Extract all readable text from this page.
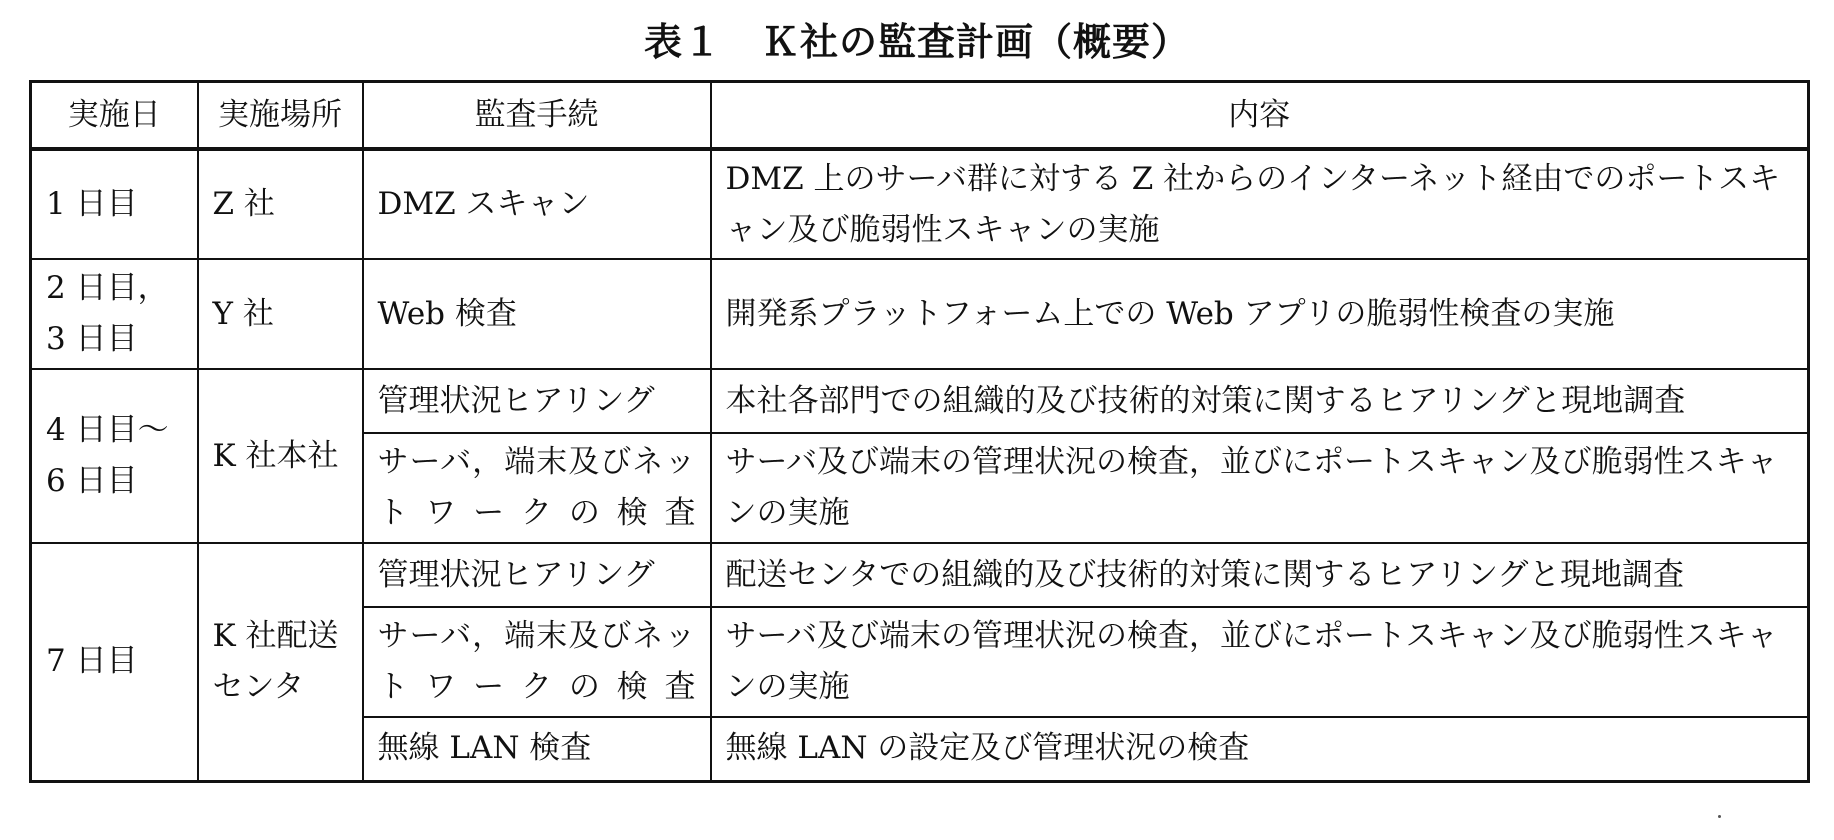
表１　Ｋ社の監査計画（概要）
実施日	実施場所	監査手続	内容
1 日目	Z 社	DMZ スキャン	DMZ 上のサーバ群に対する Z 社からのインターネット経由でのポートスキャン及び脆弱性スキャンの実施
2 日目，3 日目	Y 社	Web 検査	開発系プラットフォーム上での Web アプリの脆弱性検査の実施
4 日目～6 日目	K 社本社	管理状況ヒアリング	本社各部門での組織的及び技術的対策に関するヒアリングと現地調査
		サーバ，端末及びネットワークの検査	サーバ及び端末の管理状況の検査，並びにポートスキャン及び脆弱性スキャンの実施
7 日目	K 社配送センタ	管理状況ヒアリング	配送センタでの組織的及び技術的対策に関するヒアリングと現地調査
		サーバ，端末及びネットワークの検査	サーバ及び端末の管理状況の検査，並びにポートスキャン及び脆弱性スキャンの実施
		無線 LAN 検査	無線 LAN の設定及び管理状況の検査
